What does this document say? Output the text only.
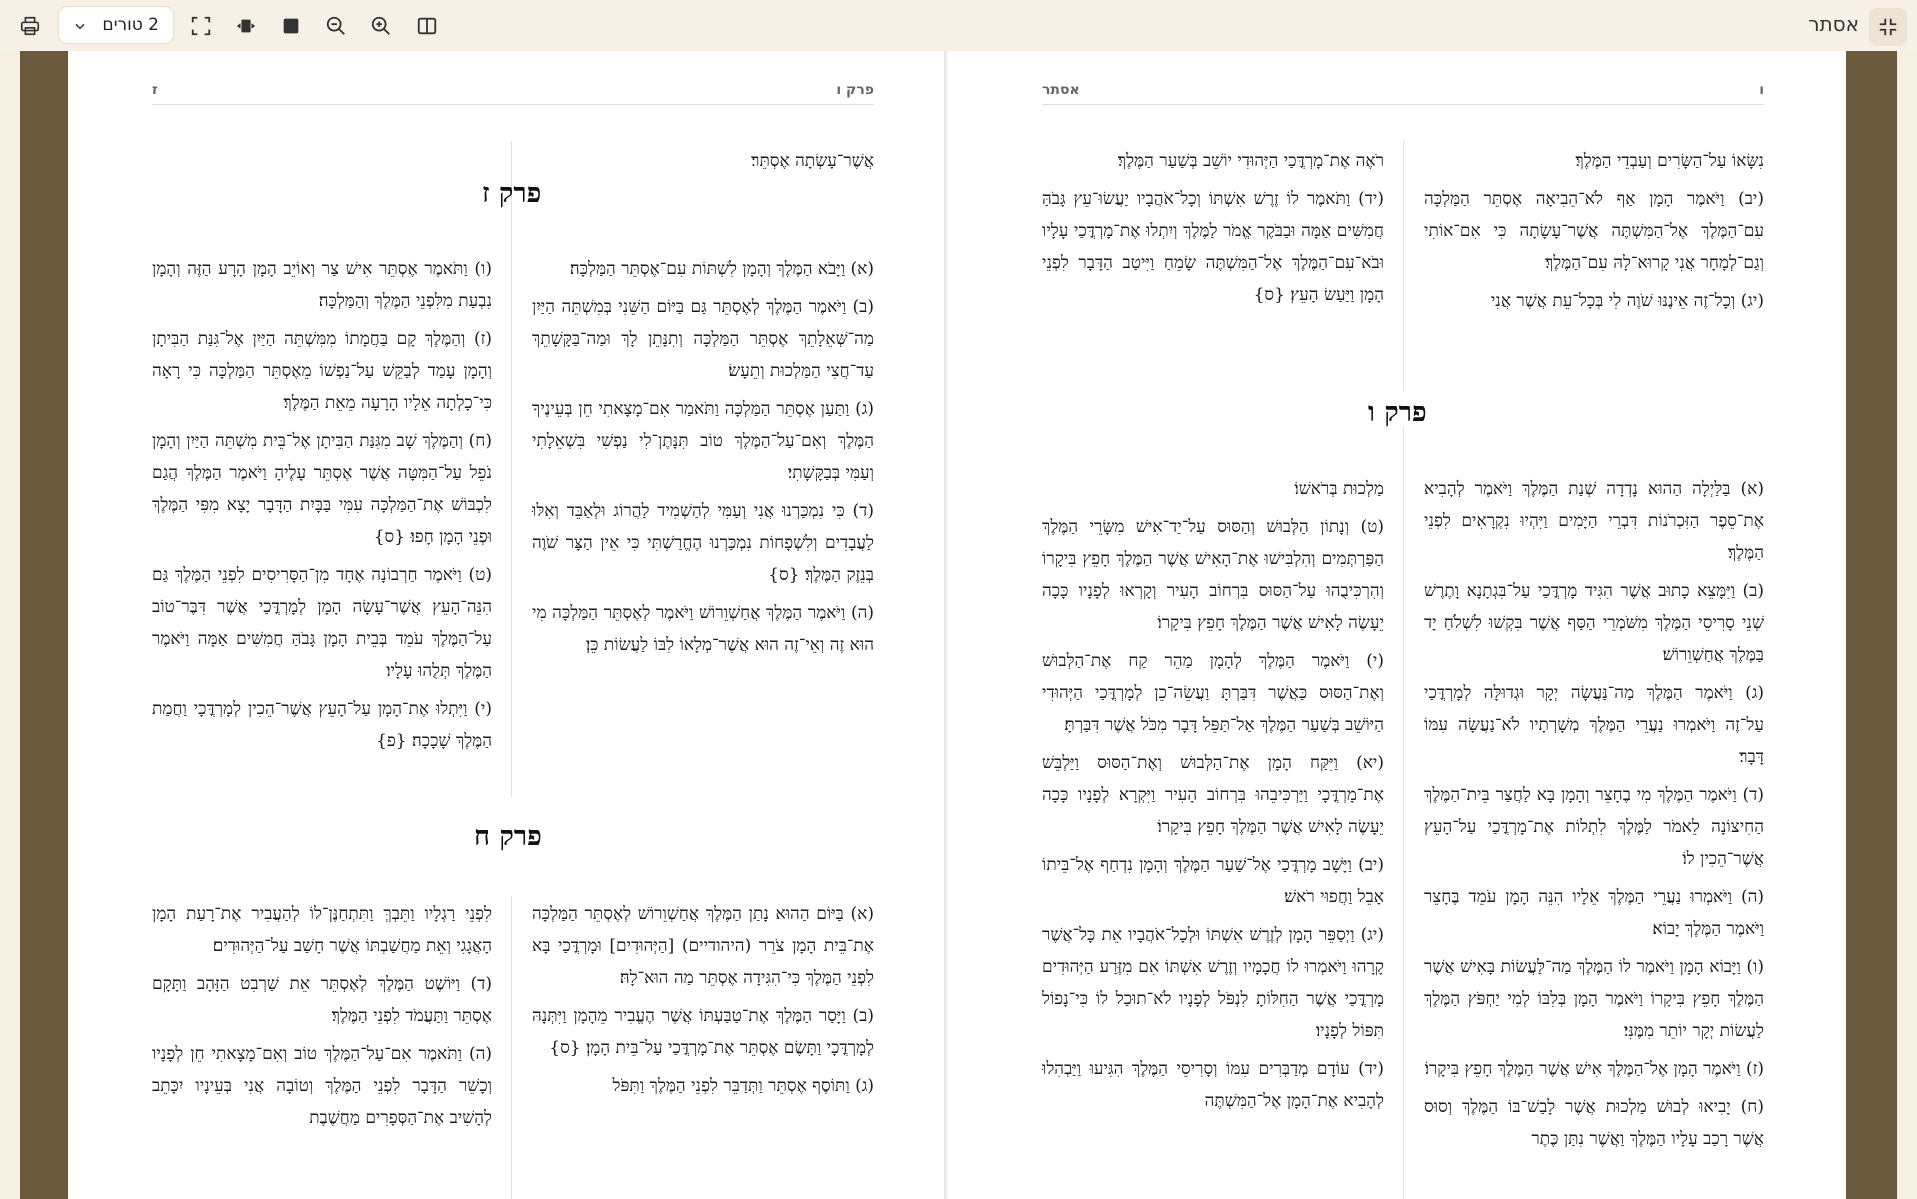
2 טורים	אסתר
ז	פרק ו

אֲשֶׁר־עָשְׂתָה אֶסְתֵּר׃

פרק ז

(א) וַיָּבֹא הַמֶּלֶךְ וְהָמָן לִשְׁתּוֹת עִם־אֶסְתֵּר הַמַּלְכָּה׃

(ב) וַיֹּאמֶר הַמֶּלֶךְ לְאֶסְתֵּר גַּם בַּיּוֹם הַשֵּׁנִי בְּמִשְׁתֵּה הַיַּיִן מַה־שְּׁאֵלָתֵךְ אֶסְתֵּר הַמַּלְכָּה וְתִנָּתֵן לָךְ וּמַה־בַּקָּשָׁתֵךְ עַד־חֲצִי הַמַּלְכוּת וְתֵעָשׂ׃

(ג) וַתַּעַן אֶסְתֵּר הַמַּלְכָּה וַתֹּאמַר אִם־מָצָאתִי חֵן בְּעֵינֶיךָ הַמֶּלֶךְ וְאִם־עַל־הַמֶּלֶךְ טוֹב תִּנָּתֶן־לִי נַפְשִׁי בִּשְׁאֵלָתִי וְעַמִּי בְּבַקָּשָׁתִי׃

(ד) כִּי נִמְכַּרְנוּ אֲנִי וְעַמִּי לְהַשְׁמִיד לַהֲרוֹג וּלְאַבֵּד וְאִלּוּ לַעֲבָדִים וְלִשְׁפָחוֹת נִמְכַּרְנוּ הֶחֱרַשְׁתִּי כִּי אֵין הַצָּר שֹׁוֶה בְּנֵזֶק הַמֶּלֶךְ׃ {ס}

(ה) וַיֹּאמֶר הַמֶּלֶךְ אֲחַשְׁוֵרוֹשׁ וַיֹּאמֶר לְאֶסְתֵּר הַמַּלְכָּה מִי הוּא זֶה וְאֵי־זֶה הוּא אֲשֶׁר־מְלָאוֹ לִבּוֹ לַעֲשׂוֹת כֵּן׃

(ו) וַתֹּאמֶר אֶסְתֵּר אִישׁ צַר וְאוֹיֵב הָמָן הָרָע הַזֶּה וְהָמָן נִבְעַת מִלִּפְנֵי הַמֶּלֶךְ וְהַמַּלְכָּה׃

(ז) וְהַמֶּלֶךְ קָם בַּחֲמָתוֹ מִמִּשְׁתֵּה הַיַּיִן אֶל־גִּנַּת הַבִּיתָן וְהָמָן עָמַד לְבַקֵּשׁ עַל־נַפְשׁוֹ מֵאֶסְתֵּר הַמַּלְכָּה כִּי רָאָה כִּי־כָלְתָה אֵלָיו הָרָעָה מֵאֵת הַמֶּלֶךְ׃

(ח) וְהַמֶּלֶךְ שָׁב מִגִּנַּת הַבִּיתָן אֶל־בֵּית מִשְׁתֵּה הַיַּיִן וְהָמָן נֹפֵל עַל־הַמִּטָּה אֲשֶׁר אֶסְתֵּר עָלֶיהָ וַיֹּאמֶר הַמֶּלֶךְ הֲגַם לִכְבּוֹשׁ אֶת־הַמַּלְכָּה עִמִּי בַּבָּיִת הַדָּבָר יָצָא מִפִּי הַמֶּלֶךְ וּפְנֵי הָמָן חָפוּ׃ {ס}

(ט) וַיֹּאמֶר חַרְבוֹנָה אֶחָד מִן־הַסָּרִיסִים לִפְנֵי הַמֶּלֶךְ גַּם הִנֵּה־הָעֵץ אֲשֶׁר־עָשָׂה הָמָן לְמָרְדֳּכַי אֲשֶׁר דִּבֶּר־טוֹב עַל־הַמֶּלֶךְ עֹמֵד בְּבֵית הָמָן גָּבֹהַּ חֲמִשִּׁים אַמָּה וַיֹּאמֶר הַמֶּלֶךְ תְּלֻהוּ עָלָיו׃

(י) וַיִּתְלוּ אֶת־הָמָן עַל־הָעֵץ אֲשֶׁר־הֵכִין לְמָרְדֳּכָי וַחֲמַת הַמֶּלֶךְ שָׁכָכָה׃ {פ}

פרק ח

(א) בַּיּוֹם הַהוּא נָתַן הַמֶּלֶךְ אֲחַשְׁוֵרוֹשׁ לְאֶסְתֵּר הַמַּלְכָּה אֶת־בֵּית הָמָן צֹרֵר (היהודיים) [הַיְּהוּדִים] וּמָרְדֳּכַי בָּא לִפְנֵי הַמֶּלֶךְ כִּי־הִגִּידָה אֶסְתֵּר מַה הוּא־לָהּ׃

(ב) וַיָּסַר הַמֶּלֶךְ אֶת־טַבַּעְתּוֹ אֲשֶׁר הֶעֱבִיר מֵהָמָן וַיִּתְּנָהּ לְמָרְדֳּכָי וַתָּשֶׂם אֶסְתֵּר אֶת־מָרְדֳּכַי עַל־בֵּית הָמָן׃ {ס}

(ג) וַתּוֹסֶף אֶסְתֵּר וַתְּדַבֵּר לִפְנֵי הַמֶּלֶךְ וַתִּפֹּל

לִפְנֵי רַגְלָיו וַתֵּבְךְּ וַתִּתְחַנֶּן־לוֹ לְהַעֲבִיר אֶת־רָעַת הָמָן הָאֲגָגִי וְאֵת מַחֲשַׁבְתּוֹ אֲשֶׁר חָשַׁב עַל־הַיְּהוּדִים׃

(ד) וַיּוֹשֶׁט הַמֶּלֶךְ לְאֶסְתֵּר אֵת שַׁרְבִט הַזָּהָב וַתָּקָם אֶסְתֵּר וַתַּעֲמֹד לִפְנֵי הַמֶּלֶךְ׃

(ה) וַתֹּאמֶר אִם־עַל־הַמֶּלֶךְ טוֹב וְאִם־מָצָאתִי חֵן לְפָנָיו וְכָשֵׁר הַדָּבָר לִפְנֵי הַמֶּלֶךְ וְטוֹבָה אֲנִי בְּעֵינָיו יִכָּתֵב לְהָשִׁיב אֶת־הַסְּפָרִים מַחֲשֶׁבֶת

אסתר	ו

נִשָּׂאוֹ עַל־הַשָּׂרִים וְעַבְדֵי הַמֶּלֶךְ׃

(יב) וַיֹּאמֶר הָמָן אַף לֹא־הֵבִיאָה אֶסְתֵּר הַמַּלְכָּה עִם־הַמֶּלֶךְ אֶל־הַמִּשְׁתֶּה אֲשֶׁר־עָשָׂתָה כִּי אִם־אוֹתִי וְגַם־לְמָחָר אֲנִי קָרוּא־לָהּ עִם־הַמֶּלֶךְ׃

(יג) וְכָל־זֶה אֵינֶנּוּ שֹׁוֶה לִי בְּכָל־עֵת אֲשֶׁר אֲנִי

רֹאֶה אֶת־מָרְדֳּכַי הַיְּהוּדִי יוֹשֵׁב בְּשַׁעַר הַמֶּלֶךְ׃

(יד) וַתֹּאמֶר לוֹ זֶרֶשׁ אִשְׁתּוֹ וְכָל־אֹהֲבָיו יַעֲשׂוּ־עֵץ גָּבֹהַּ חֲמִשִּׁים אַמָּה וּבַבֹּקֶר אֱמֹר לַמֶּלֶךְ וְיִתְלוּ אֶת־מָרְדֳּכַי עָלָיו וּבֹא־עִם־הַמֶּלֶךְ אֶל־הַמִּשְׁתֶּה שָׂמֵחַ וַיִּיטַב הַדָּבָר לִפְנֵי הָמָן וַיַּעַשׂ הָעֵץ׃ {ס}

פרק ו

(א) בַּלַּיְלָה הַהוּא נָדְדָה שְׁנַת הַמֶּלֶךְ וַיֹּאמֶר לְהָבִיא אֶת־סֵפֶר הַזִּכְרֹנוֹת דִּבְרֵי הַיָּמִים וַיִּהְיוּ נִקְרָאִים לִפְנֵי הַמֶּלֶךְ׃

(ב) וַיִּמָּצֵא כָתוּב אֲשֶׁר הִגִּיד מָרְדֳּכַי עַל־בִּגְתָנָא וָתֶרֶשׁ שְׁנֵי סָרִיסֵי הַמֶּלֶךְ מִשֹּׁמְרֵי הַסַּף אֲשֶׁר בִּקְשׁוּ לִשְׁלֹחַ יָד בַּמֶּלֶךְ אֲחַשְׁוֵרוֹשׁ׃

(ג) וַיֹּאמֶר הַמֶּלֶךְ מַה־נַּעֲשָׂה יְקָר וּגְדוּלָּה לְמָרְדֳּכַי עַל־זֶה וַיֹּאמְרוּ נַעֲרֵי הַמֶּלֶךְ מְשָׁרְתָיו לֹא־נַעֲשָׂה עִמּוֹ דָּבָר׃

(ד) וַיֹּאמֶר הַמֶּלֶךְ מִי בֶחָצֵר וְהָמָן בָּא לַחֲצַר בֵּית־הַמֶּלֶךְ הַחִיצוֹנָה לֵאמֹר לַמֶּלֶךְ לִתְלוֹת אֶת־מָרְדֳּכַי עַל־הָעֵץ אֲשֶׁר־הֵכִין לוֹ׃

(ה) וַיֹּאמְרוּ נַעֲרֵי הַמֶּלֶךְ אֵלָיו הִנֵּה הָמָן עֹמֵד בֶּחָצֵר וַיֹּאמֶר הַמֶּלֶךְ יָבוֹא׃

(ו) וַיָּבוֹא הָמָן וַיֹּאמֶר לוֹ הַמֶּלֶךְ מַה־לַּעֲשׂוֹת בָּאִישׁ אֲשֶׁר הַמֶּלֶךְ חָפֵץ בִּיקָרוֹ וַיֹּאמֶר הָמָן בְּלִבּוֹ לְמִי יַחְפֹּץ הַמֶּלֶךְ לַעֲשׂוֹת יְקָר יוֹתֵר מִמֶּנִּי׃

(ז) וַיֹּאמֶר הָמָן אֶל־הַמֶּלֶךְ אִישׁ אֲשֶׁר הַמֶּלֶךְ חָפֵץ בִּיקָרוֹ׃

(ח) יָבִיאוּ לְבוּשׁ מַלְכוּת אֲשֶׁר לָבַשׁ־בּוֹ הַמֶּלֶךְ וְסוּס אֲשֶׁר רָכַב עָלָיו הַמֶּלֶךְ וַאֲשֶׁר נִתַּן כֶּתֶר

מַלְכוּת בְּרֹאשׁוֹ׃

(ט) וְנָתוֹן הַלְּבוּשׁ וְהַסּוּס עַל־יַד־אִישׁ מִשָּׂרֵי הַמֶּלֶךְ הַפַּרְתְּמִים וְהִלְבִּישׁוּ אֶת־הָאִישׁ אֲשֶׁר הַמֶּלֶךְ חָפֵץ בִּיקָרוֹ וְהִרְכִּיבֻהוּ עַל־הַסּוּס בִּרְחוֹב הָעִיר וְקָרְאוּ לְפָנָיו כָּכָה יֵעָשֶׂה לָאִישׁ אֲשֶׁר הַמֶּלֶךְ חָפֵץ בִּיקָרוֹ׃

(י) וַיֹּאמֶר הַמֶּלֶךְ לְהָמָן מַהֵר קַח אֶת־הַלְּבוּשׁ וְאֶת־הַסּוּס כַּאֲשֶׁר דִּבַּרְתָּ וַעֲשֵׂה־כֵן לְמָרְדֳּכַי הַיְּהוּדִי הַיּוֹשֵׁב בְּשַׁעַר הַמֶּלֶךְ אַל־תַּפֵּל דָּבָר מִכֹּל אֲשֶׁר דִּבַּרְתָּ׃

(יא) וַיִּקַּח הָמָן אֶת־הַלְּבוּשׁ וְאֶת־הַסּוּס וַיַּלְבֵּשׁ אֶת־מָרְדֳּכָי וַיַּרְכִּיבֵהוּ בִּרְחוֹב הָעִיר וַיִּקְרָא לְפָנָיו כָּכָה יֵעָשֶׂה לָאִישׁ אֲשֶׁר הַמֶּלֶךְ חָפֵץ בִּיקָרוֹ׃

(יב) וַיָּשָׁב מָרְדֳּכַי אֶל־שַׁעַר הַמֶּלֶךְ וְהָמָן נִדְחַף אֶל־בֵּיתוֹ אָבֵל וַחֲפוּי רֹאשׁ׃

(יג) וַיְסַפֵּר הָמָן לְזֶרֶשׁ אִשְׁתּוֹ וּלְכָל־אֹהֲבָיו אֵת כָּל־אֲשֶׁר קָרָהוּ וַיֹּאמְרוּ לוֹ חֲכָמָיו וְזֶרֶשׁ אִשְׁתּוֹ אִם מִזֶּרַע הַיְּהוּדִים מָרְדֳּכַי אֲשֶׁר הַחִלּוֹתָ לִנְפֹּל לְפָנָיו לֹא־תוּכַל לוֹ כִּי־נָפוֹל תִּפּוֹל לְפָנָיו׃

(יד) עוֹדָם מְדַבְּרִים עִמּוֹ וְסָרִיסֵי הַמֶּלֶךְ הִגִּיעוּ וַיַּבְהִלוּ לְהָבִיא אֶת־הָמָן אֶל־הַמִּשְׁתֶּה
